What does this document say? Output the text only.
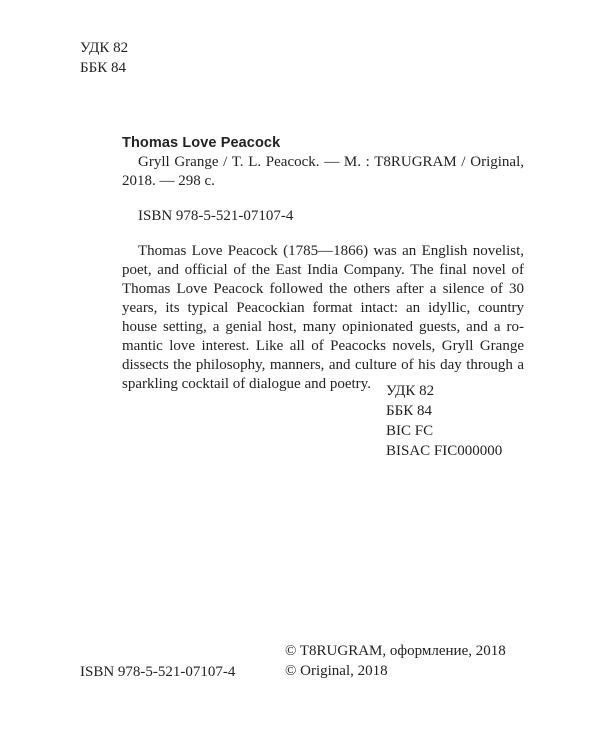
УДК 82
ББК 84
Thomas Love Peacock
Gryll Grange / T. L. Peacock. — M. : T8RUGRAM / Original, 2018. — 298 c.
ISBN 978-5-521-07107-4
Thomas Love Peacock (1785—1866) was an English novelist, poet, and official of the East India Company. The final novel of Thomas Love Peacock followed the others after a silence of 30 years, its typical Peacockian format intact: an idyllic, country house setting, a genial host, many opinionated guests, and a romantic love interest. Like all of Peacocks novels, Gryll Grange dissects the philosophy, manners, and culture of his day through a sparkling cocktail of dialogue and poetry.	УДК 82
ББК 84
BIC FC
BISAC FIC000000
ISBN 978-5-521-07107-4
© T8RUGRAM, оформление, 2018
© Original, 2018
